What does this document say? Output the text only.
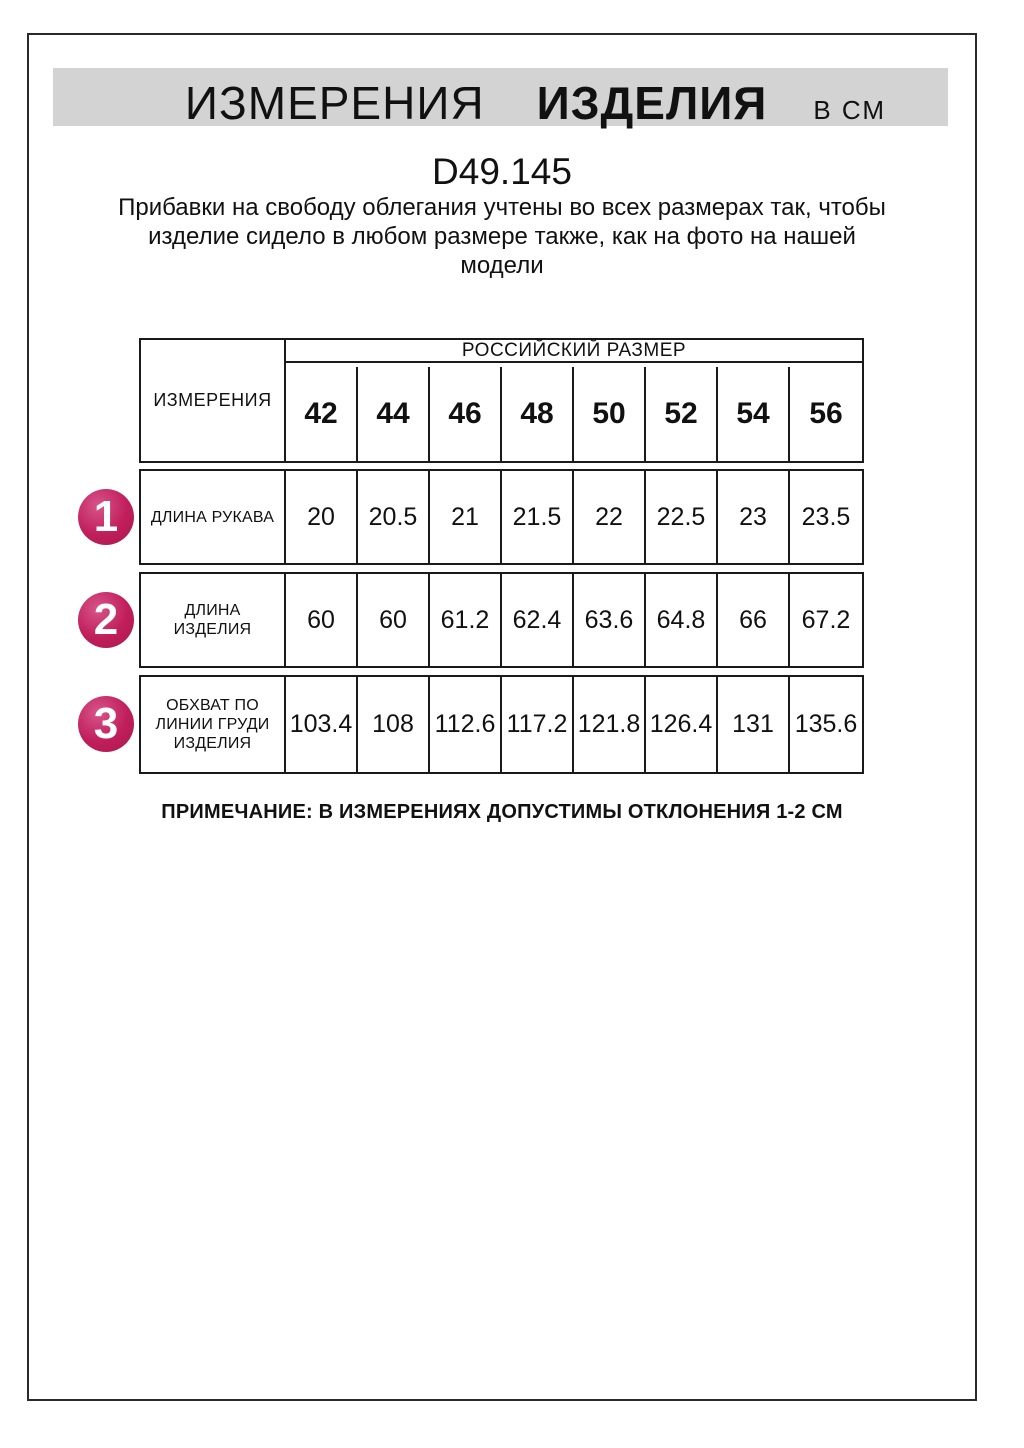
ИЗМЕРЕНИЯ ИЗДЕЛИЯ В СМ
D49.145
Прибавки на свободу облегания учтены во всех размерах так, чтобы
изделие сидело в любом размере также, как на фото на нашей
модели
ИЗМЕРЕНИЯ
РОССИЙСКИЙ РАЗМЕР
42	44	46	48	50	52	54	56
ДЛИНА РУКАВА	20	20.5	21	21.5	22	22.5	23	23.5
ДЛИНА
ИЗДЕЛИЯ	60	60	61.2 62.4 63.6 64.8	66	67.2
ОБХВАТ ПО
ЛИНИИ ГРУДИ
ИЗДЕЛИЯ
103.4 108 112.6 117.2 121.8 126.4 131 135.6
1
2
3
ПРИМЕЧАНИЕ: В ИЗМЕРЕНИЯХ ДОПУСТИМЫ ОТКЛОНЕНИЯ 1-2 СМ
